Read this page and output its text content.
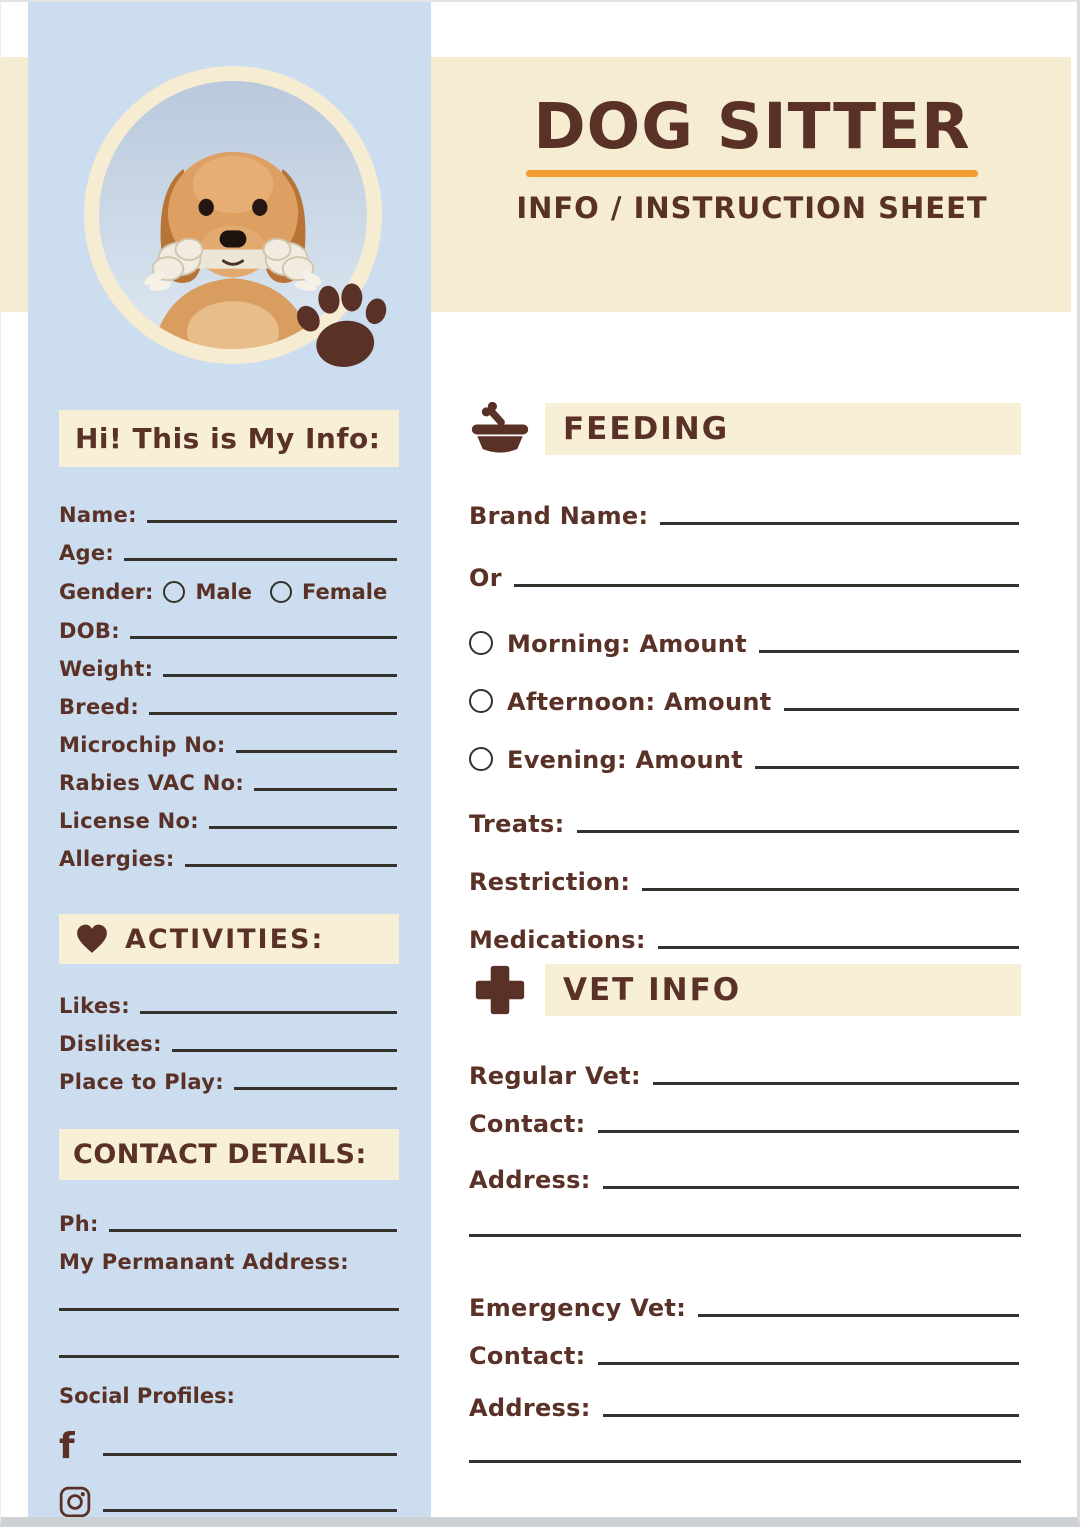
DOG SITTER
INFO / INSTRUCTION SHEET
Hi! This is My Info:
Name:
Age:
Gender: Male Female
DOB:
Weight:
Breed:
Microchip No:
Rabies VAC No:
License No:
Allergies:
ACTIVITIES:
Likes:
Dislikes:
Place to Play:
CONTACT DETAILS:
Ph:
My Permanant Address:
Social Profiles:
f
FEEDING
Brand Name:
Or
Morning: Amount
Afternoon: Amount
Evening: Amount
Treats:
Restriction:
Medications:
VET INFO
Regular Vet:
Contact:
Address:
Emergency Vet:
Contact:
Address:
